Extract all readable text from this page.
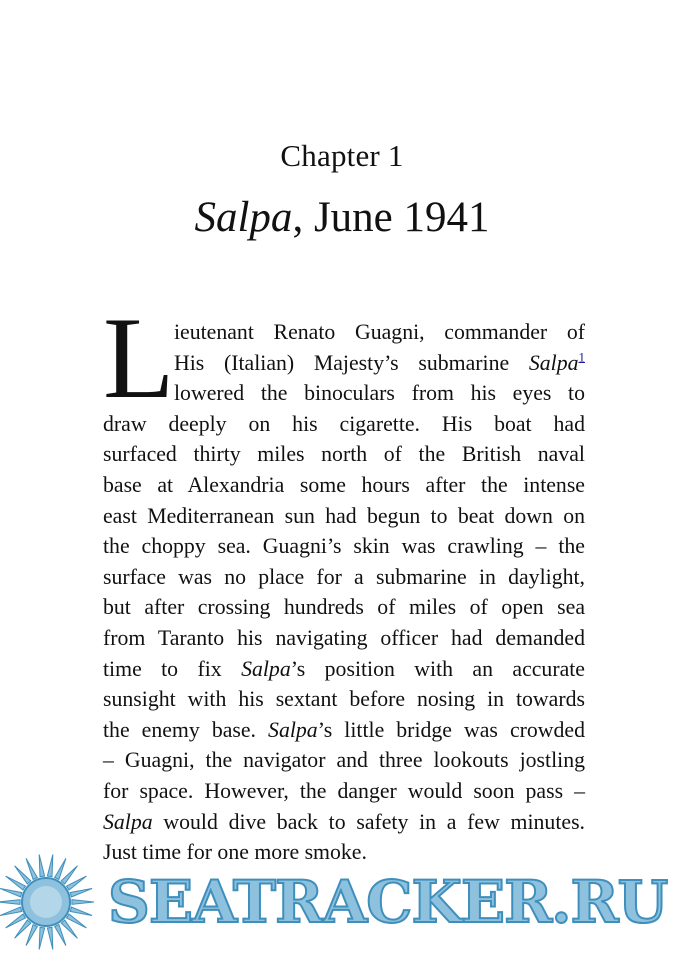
Chapter 1
Salpa, June 1941
L ieutenant Renato Guagni, commander of
His (Italian) Majesty’s submarine Salpa$^1$
lowered the binoculars from his eyes to
draw deeply on his cigarette. His boat had
surfaced thirty miles north of the British naval
base at Alexandria some hours after the intense
east Mediterranean sun had begun to beat down on
the choppy sea. Guagni’s skin was crawling – the
surface was no place for a submarine in daylight,
but after crossing hundreds of miles of open sea
from Taranto his navigating officer had demanded
time to fix Salpa’s position with an accurate
sunsight with his sextant before nosing in towards
the enemy base. Salpa’s little bridge was crowded
– Guagni, the navigator and three lookouts jostling
for space. However, the danger would soon pass –
Salpa would dive back to safety in a few minutes.
Just time for one more smoke.
SEATRACKER.RU
